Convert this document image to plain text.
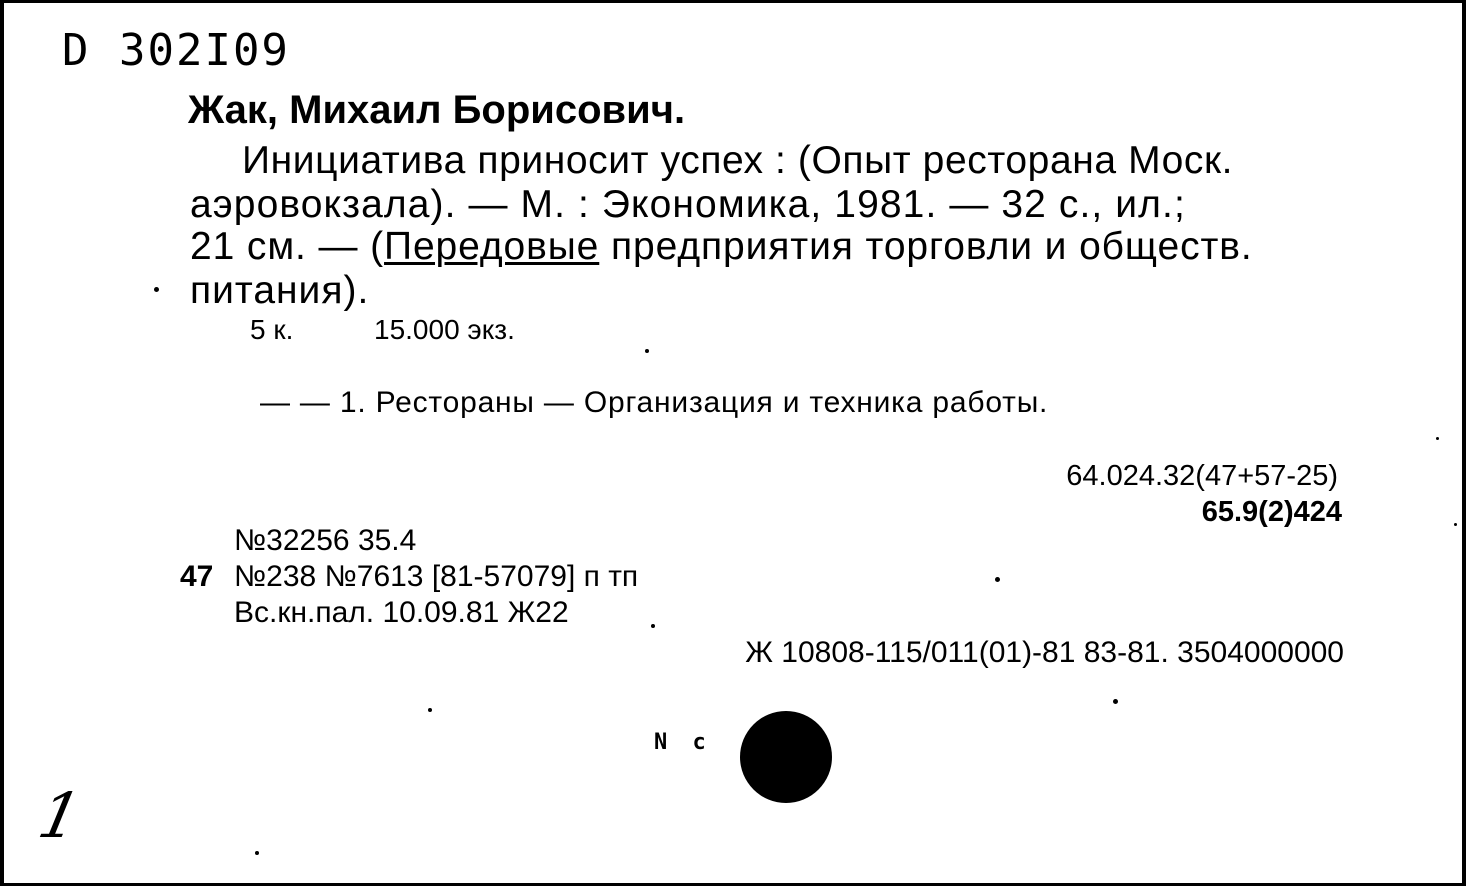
D 302I09
Жак, Михаил Борисович.
Инициатива приносит успех : (Опыт ресторана Моск.
аэровокзала). — М. : Экономика, 1981. — 32 с., ил.;
21 см. — (Передовые предприятия торговли и обществ.
питания).
5 к.	15.000 экз.
— — 1. Рестораны — Организация и техника работы.
64.024.32(47+57-25)
65.9(2)424
№32256 35.4
47 №238 №7613 [81-57079] п тп
Вс.кн.пал. 10.09.81 Ж22
Ж 10808-115/011(01)-81 83-81. 3504000000
N c
1
